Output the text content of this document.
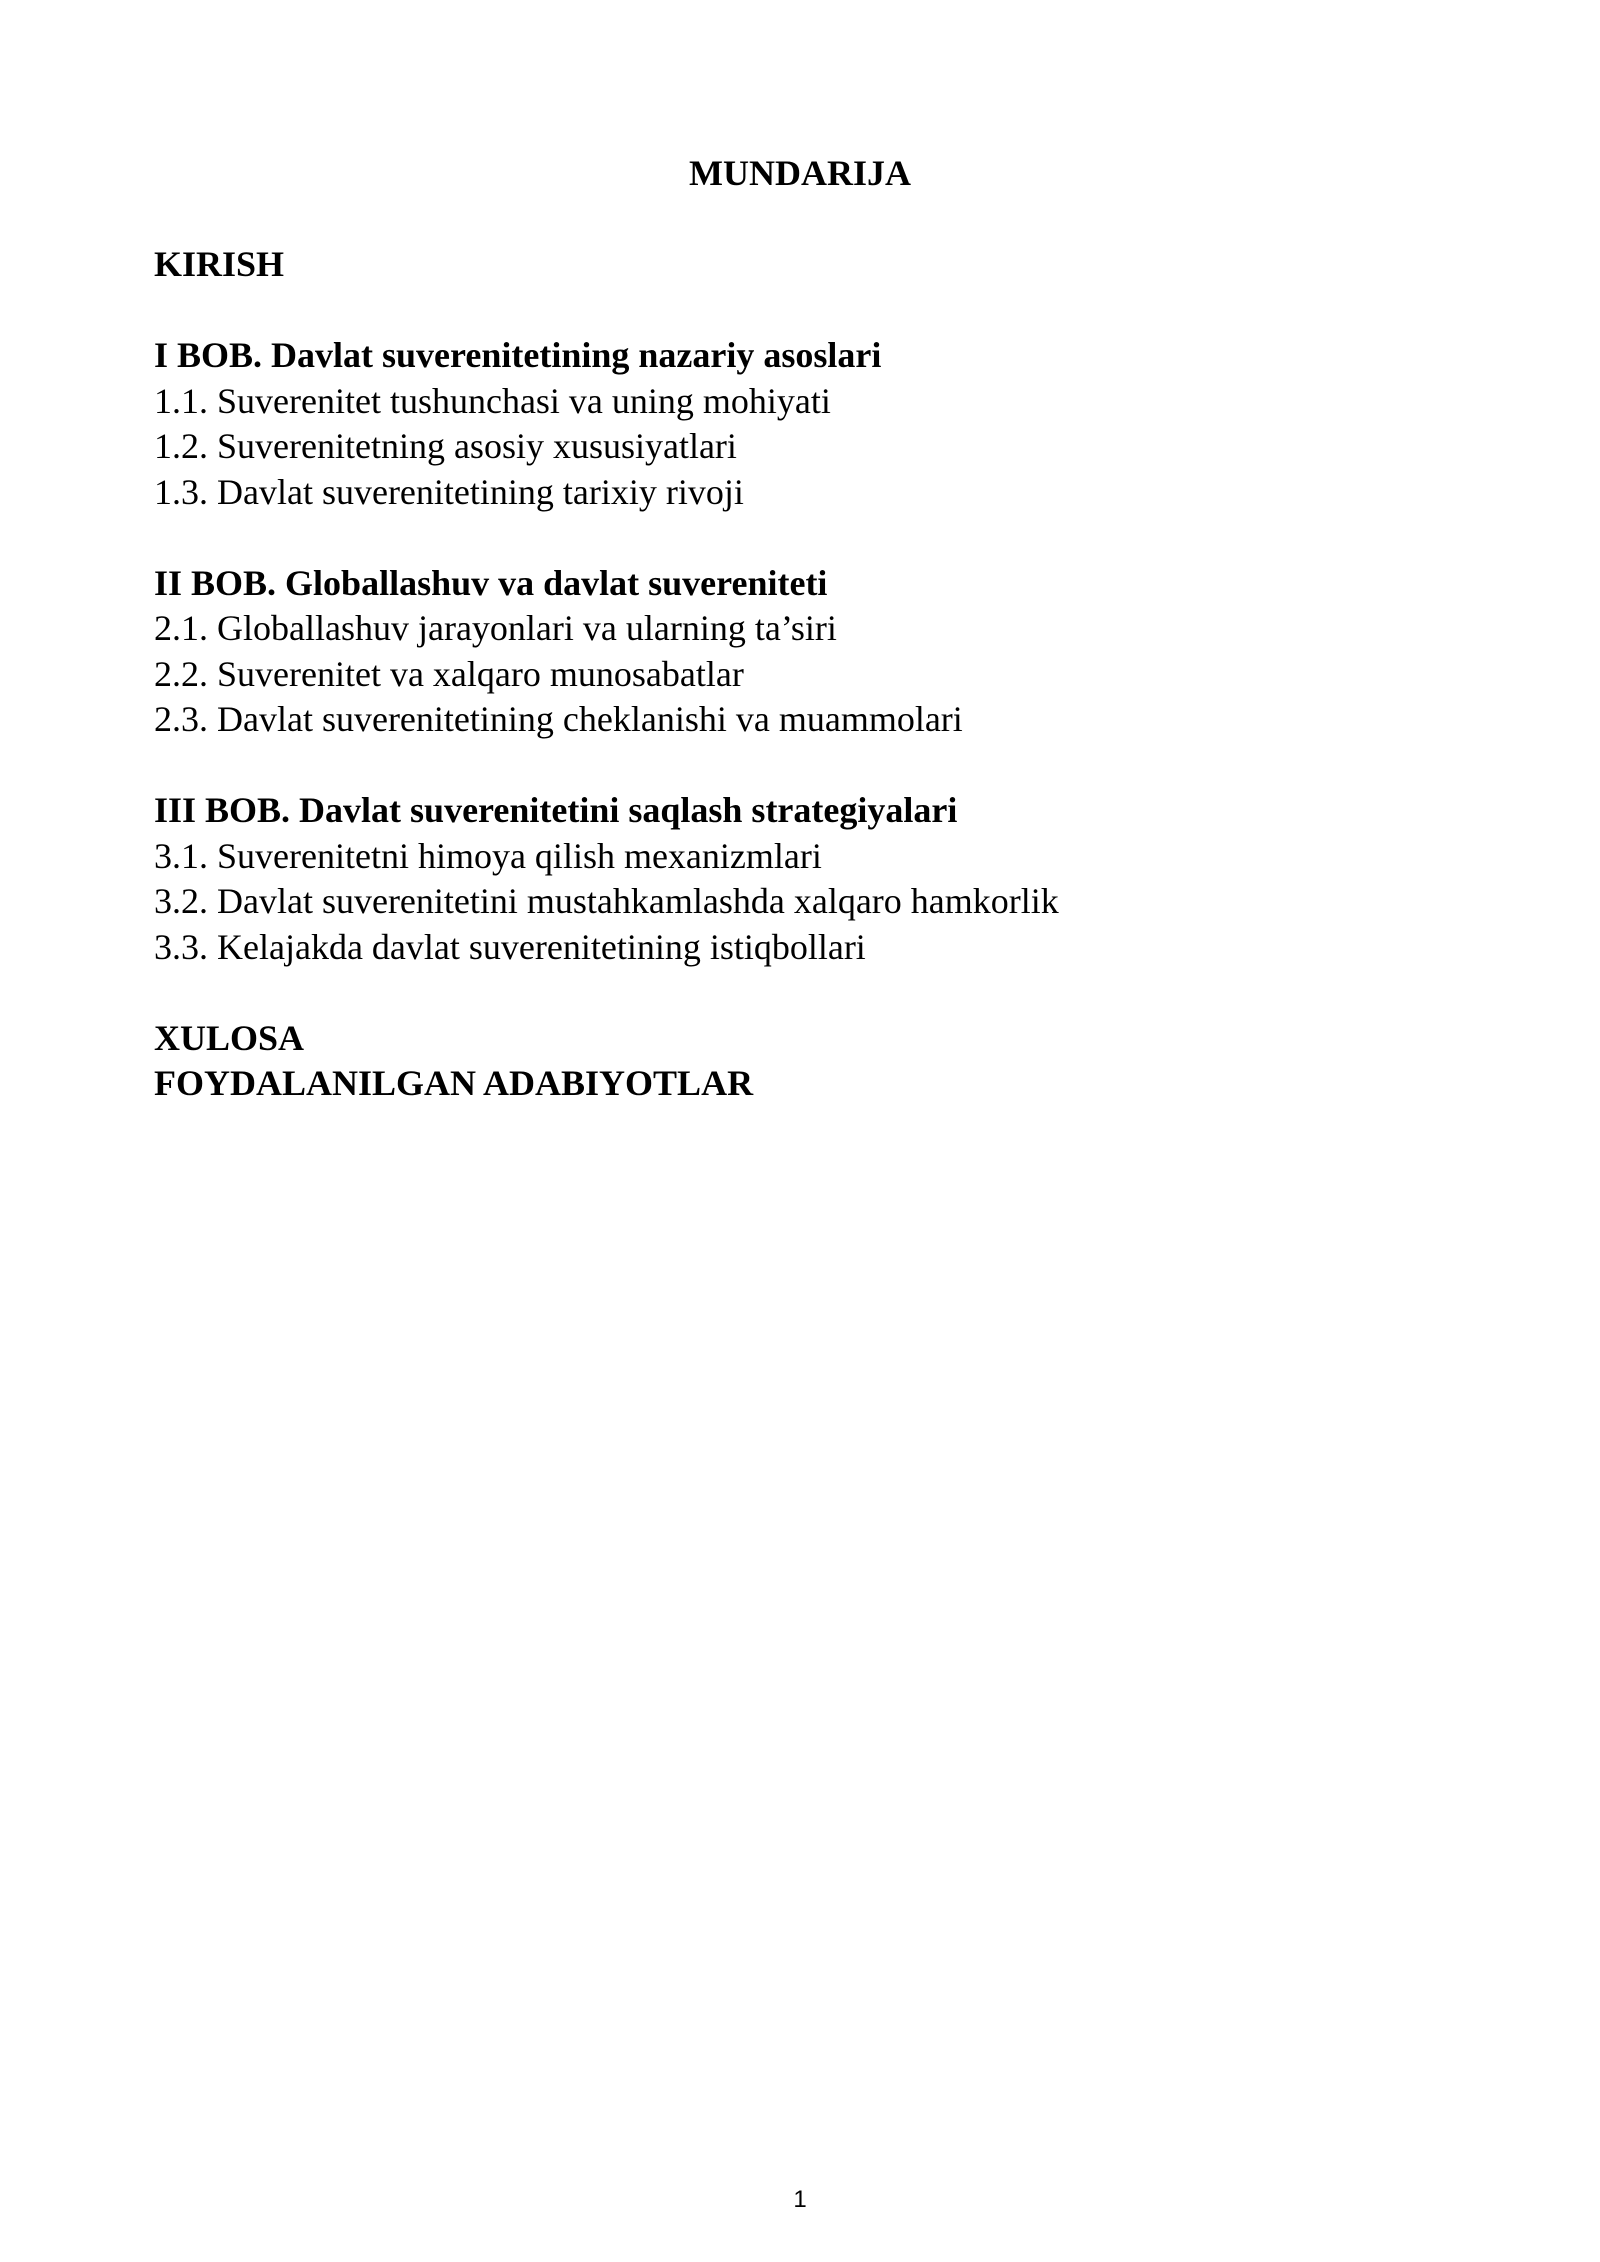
MUNDARIJA
KIRISH
I BOB. Davlat suverenitetining nazariy asoslari
1.1. Suverenitet tushunchasi va uning mohiyati
1.2. Suverenitetning asosiy xususiyatlari
1.3. Davlat suverenitetining tarixiy rivoji
II BOB. Globallashuv va davlat suvereniteti
2.1. Globallashuv jarayonlari va ularning ta’siri
2.2. Suverenitet va xalqaro munosabatlar
2.3. Davlat suverenitetining cheklanishi va muammolari
III BOB. Davlat suverenitetini saqlash strategiyalari
3.1. Suverenitetni himoya qilish mexanizmlari
3.2. Davlat suverenitetini mustahkamlashda xalqaro hamkorlik
3.3. Kelajakda davlat suverenitetining istiqbollari
XULOSA
FOYDALANILGAN ADABIYOTLAR
1
